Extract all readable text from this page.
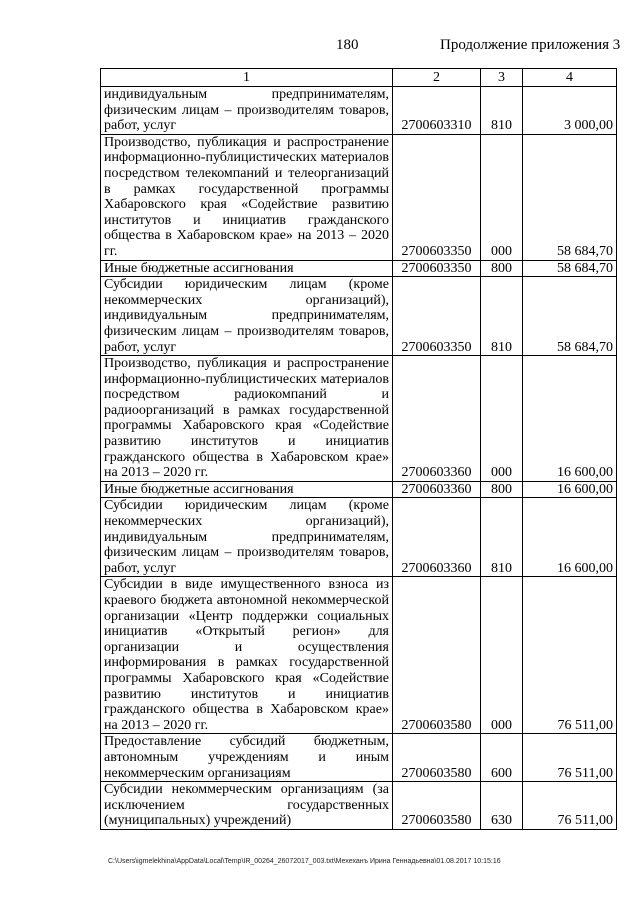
180	Продолжение приложения 3
1	2	3	4
индивидуальным предпринимателям, физическим лицам – производителям товаров, работ, услуг	2700603310	810	3 000,00
Производство, публикация и распространение информационно-публицистических материалов посредством телекомпаний и телеорганизаций в рамках государственной программы Хабаровского края «Содействие развитию институтов и инициатив гражданского общества в Хабаровском крае» на 2013 – 2020 гг.	2700603350	000	58 684,70
Иные бюджетные ассигнования	2700603350	800	58 684,70
Субсидии юридическим лицам (кроме некоммерческих организаций), индивидуальным предпринимателям, физическим лицам – производителям товаров, работ, услуг	2700603350	810	58 684,70
Производство, публикация и распространение информационно-публицистических материалов посредством радиокомпаний и радиоорганизаций в рамках государственной программы Хабаровского края «Содействие развитию институтов и инициатив гражданского общества в Хабаровском крае» на 2013 – 2020 гг.	2700603360	000	16 600,00
Иные бюджетные ассигнования	2700603360	800	16 600,00
Субсидии юридическим лицам (кроме некоммерческих организаций), индивидуальным предпринимателям, физическим лицам – производителям товаров, работ, услуг	2700603360	810	16 600,00
Субсидии в виде имущественного взноса из краевого бюджета автономной некоммерческой организации «Центр поддержки социальных инициатив «Открытый регион» для организации и осуществления информирования в рамках государственной программы Хабаровского края «Содействие развитию институтов и инициатив гражданского общества в Хабаровском крае» на 2013 – 2020 гг.	2700603580	000	76 511,00
Предоставление субсидий бюджетным, автономным учреждениям и иным некоммерческим организациям	2700603580	600	76 511,00
Субсидии некоммерческим организациям (за исключением государственных (муниципальных) учреждений)	2700603580	630	76 511,00
C:\Users\igmelekhina\AppData\Local\Temp\IR_00264_26072017_003.txt\Мехеханъ Ирина Геннадьевна\01.08.2017 10:15:16
